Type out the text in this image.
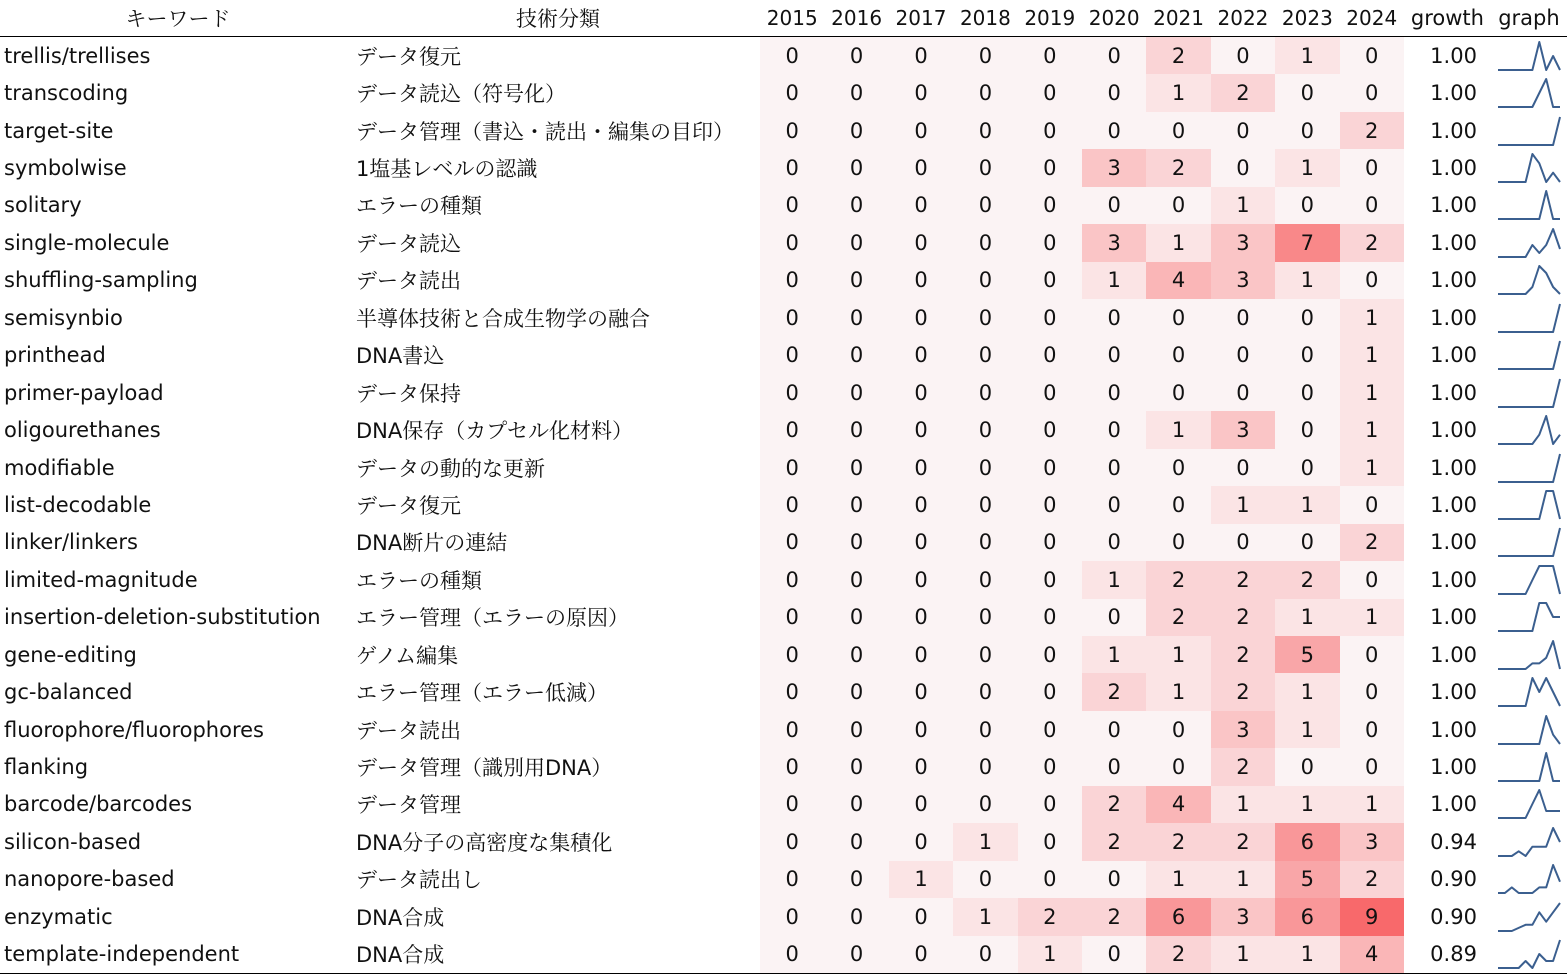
キーワード	技術分類	2015	2016	2017	2018	2019	2020	2021	2022	2023	2024	growth	graph
trellis/trellises	データ復元	0	0	0	0	0	0	2	0	1	0	1.00	

transcoding	データ読込（符号化）	0	0	0	0	0	0	1	2	0	0	1.00	

target-site	データ管理（書込・読出・編集の目印）	0	0	0	0	0	0	0	0	0	2	1.00	

symbolwise	1塩基レベルの認識	0	0	0	0	0	3	2	0	1	0	1.00	

solitary	エラーの種類	0	0	0	0	0	0	0	1	0	0	1.00	

single-molecule	データ読込	0	0	0	0	0	3	1	3	7	2	1.00	

shuffling-sampling	データ読出	0	0	0	0	0	1	4	3	1	0	1.00	

semisynbio	半導体技術と合成生物学の融合	0	0	0	0	0	0	0	0	0	1	1.00	

printhead	DNA書込	0	0	0	0	0	0	0	0	0	1	1.00	

primer-payload	データ保持	0	0	0	0	0	0	0	0	0	1	1.00	

oligourethanes	DNA保存（カプセル化材料）	0	0	0	0	0	0	1	3	0	1	1.00	

modifiable	データの動的な更新	0	0	0	0	0	0	0	0	0	1	1.00	

list-decodable	データ復元	0	0	0	0	0	0	0	1	1	0	1.00	

linker/linkers	DNA断片の連結	0	0	0	0	0	0	0	0	0	2	1.00	

limited-magnitude	エラーの種類	0	0	0	0	0	1	2	2	2	0	1.00	

insertion-deletion-substitution	エラー管理（エラーの原因）	0	0	0	0	0	0	2	2	1	1	1.00	

gene-editing	ゲノム編集	0	0	0	0	0	1	1	2	5	0	1.00	

gc-balanced	エラー管理（エラー低減）	0	0	0	0	0	2	1	2	1	0	1.00	

fluorophore/fluorophores	データ読出	0	0	0	0	0	0	0	3	1	0	1.00	

flanking	データ管理（識別用DNA）	0	0	0	0	0	0	0	2	0	0	1.00	

barcode/barcodes	データ管理	0	0	0	0	0	2	4	1	1	1	1.00	

silicon-based	DNA分子の高密度な集積化	0	0	0	1	0	2	2	2	6	3	0.94	

nanopore-based	データ読出し	0	0	1	0	0	0	1	1	5	2	0.90	

enzymatic	DNA合成	0	0	0	1	2	2	6	3	6	9	0.90	

template-independent	DNA合成	0	0	0	0	1	0	2	1	1	4	0.89	
